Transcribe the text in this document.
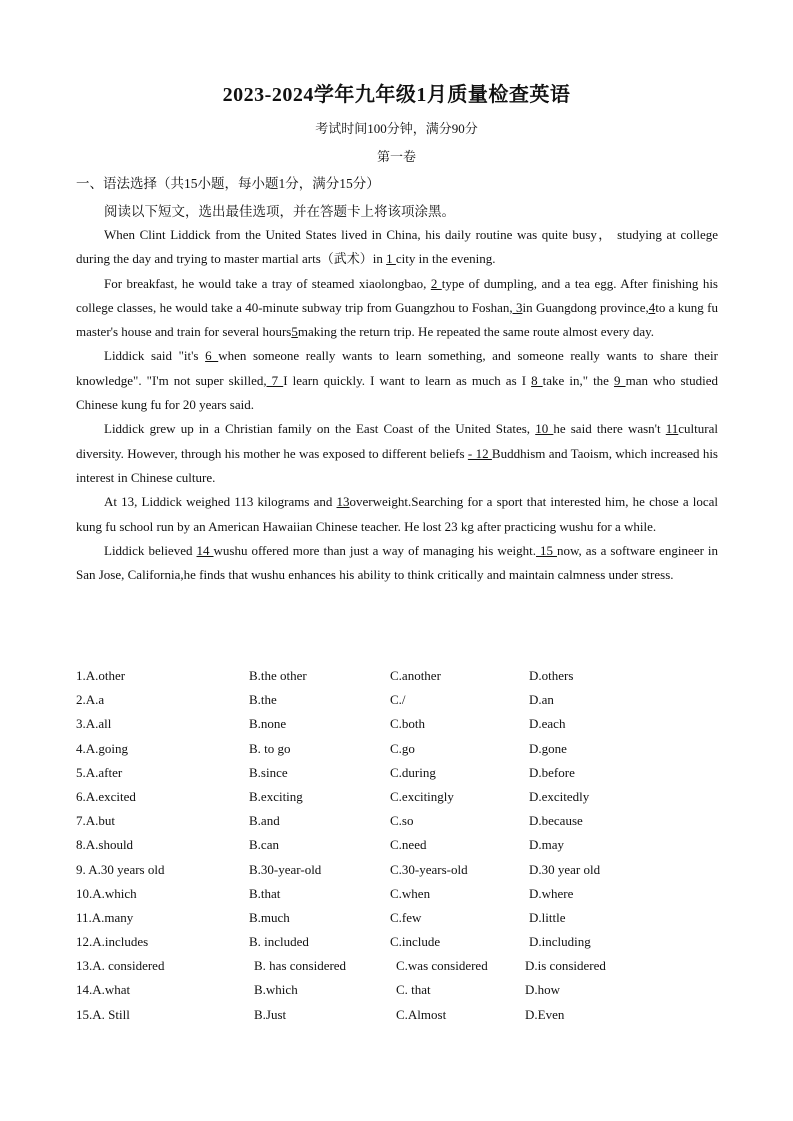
2023-2024学年九年级1月质量检查英语
考试时间100分钟，满分90分
第一卷
一、语法选择（共15小题，每小题1分，满分15分）
阅读以下短文，选出最佳选项，并在答题卡上将该项涂黑。

When Clint Liddick from the United States lived in China, his daily routine was quite busy， studying at college during the day and trying to master martial arts（武术）in 1 city in the evening.

For breakfast, he would take a tray of steamed xiaolongbao, 2 type of dumpling, and a tea egg. After finishing his college classes, he would take a 40-minute subway trip from Guangzhou to Foshan, 3in Guangdong province,4to a kung fu master's house and train for several hours5making the return trip. He repeated the same route almost every day.

Liddick said "it's 6 when someone really wants to learn something, and someone really wants to share their knowledge". "I'm not super skilled, 7 I learn quickly. I want to learn as much as I 8 take in," the 9 man who studied Chinese kung fu for 20 years said.

Liddick grew up in a Christian family on the East Coast of the United States, 10 he said there wasn't 11cultural diversity. However, through his mother he was exposed to different beliefs - 12 Buddhism and Taoism, which increased his interest in Chinese culture.

At 13, Liddick weighed 113 kilograms and 13overweight.Searching for a sport that interested him, he chose a local kung fu school run by an American Hawaiian Chinese teacher. He lost 23 kg after practicing wushu for a while.

Liddick believed 14 wushu offered more than just a way of managing his weight. 15 now, as a software engineer in San Jose, California,he finds that wushu enhances his ability to think critically and maintain calmness under stress.

1.A.other	B.the other	C.another	D.others
2.A.a	B.the	C./	D.an
3.A.all	B.none	C.both	D.each
4.A.going	B. to go	C.go	D.gone
5.A.after	B.since	C.during	D.before
6.A.excited	B.exciting	C.excitingly	D.excitedly
7.A.but	B.and	C.so	D.because
8.A.should	B.can	C.need	D.may
9. A.30 years old	B.30-year-old	C.30-years-old	D.30 year old
10.A.which	B.that	C.when	D.where
11.A.many	B.much	C.few	D.little
12.A.includes	B. included	C.include	D.including
13.A. considered	B. has considered	C.was considered	D.is considered
14.A.what	B.which	C. that	D.how
15.A. Still	B.Just	C.Almost	D.Even
